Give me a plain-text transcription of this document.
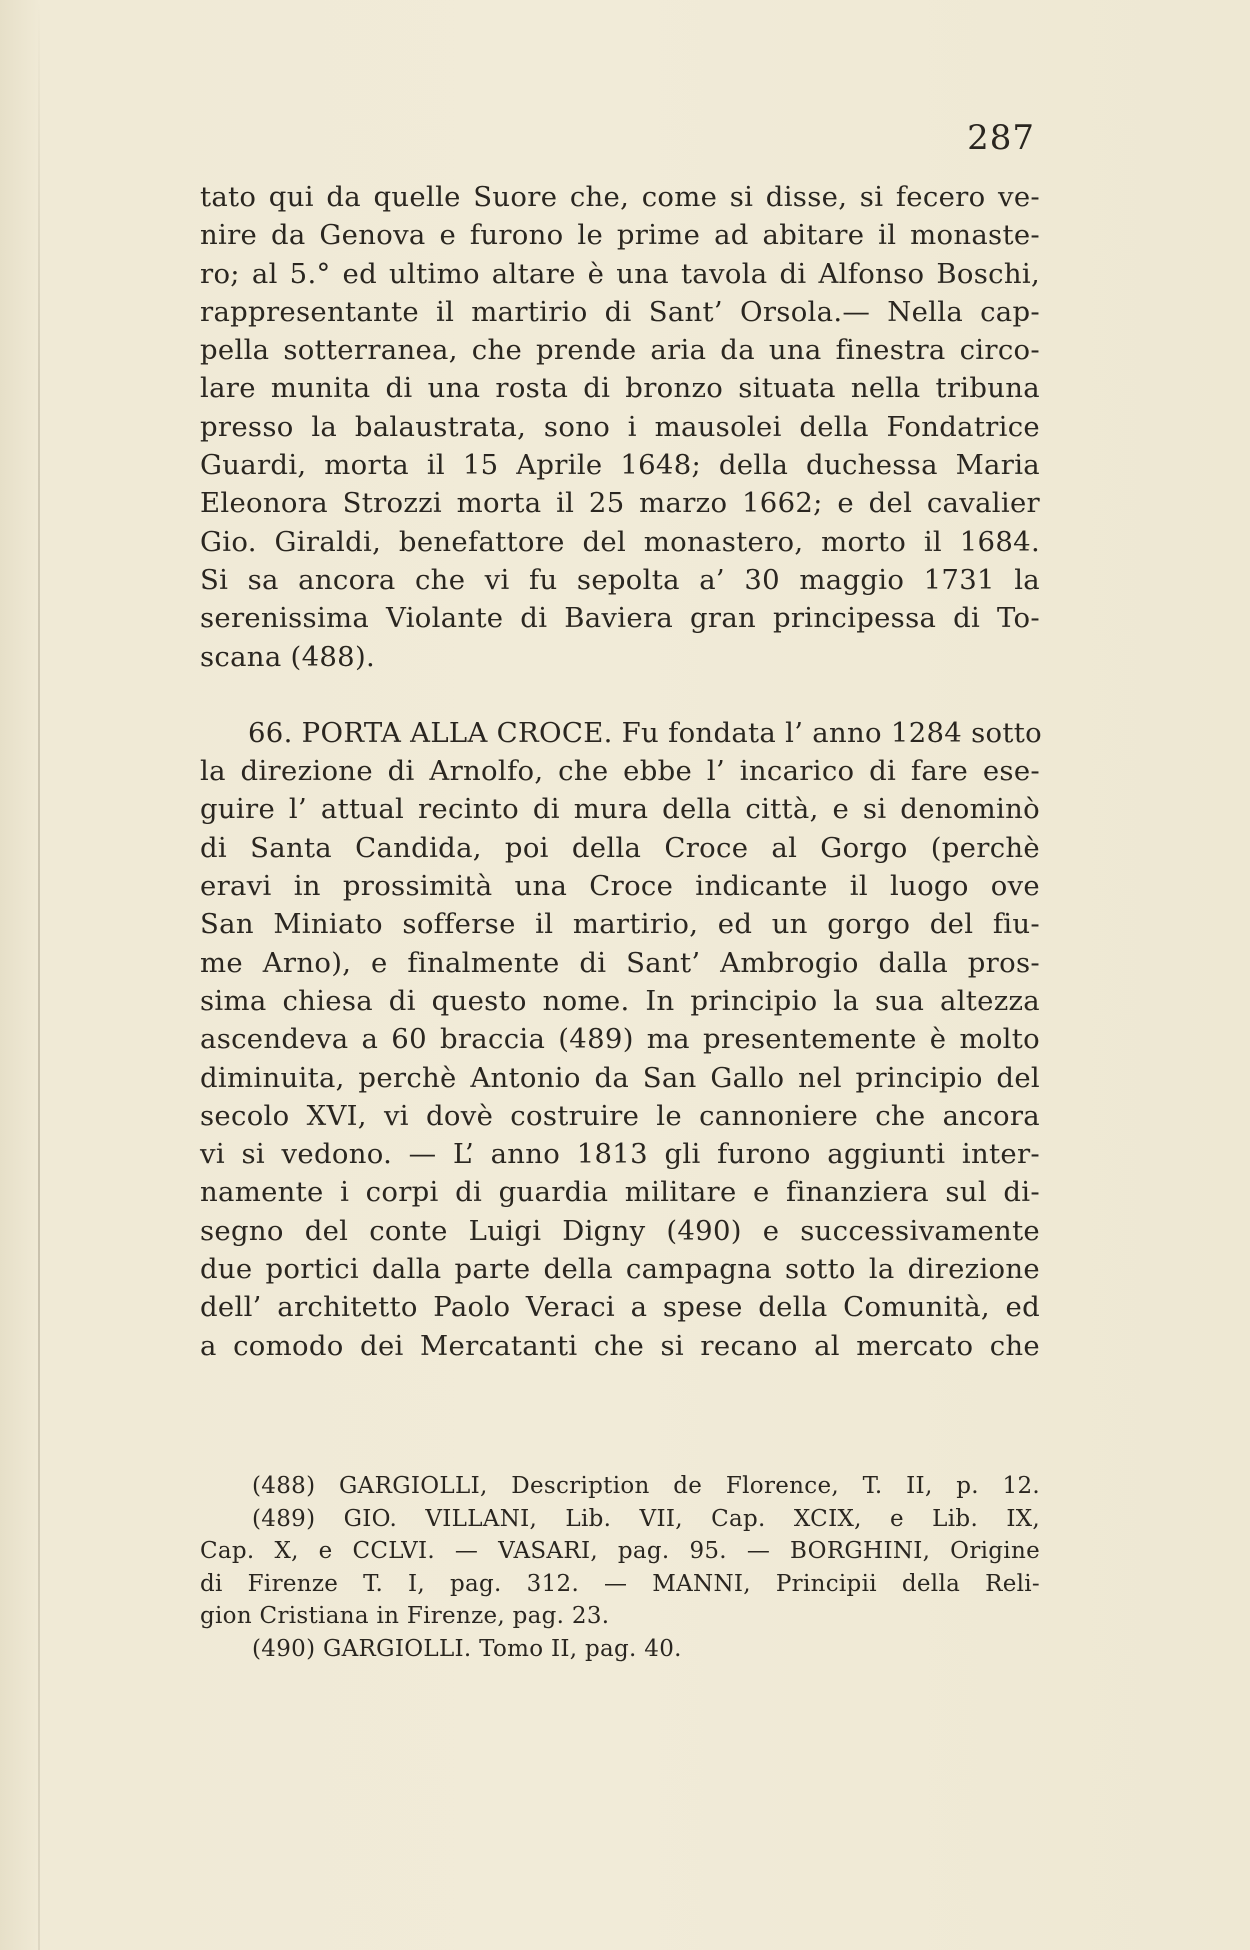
287
tato qui da quelle Suore che, come si disse, si fecero ve-
nire da Genova e furono le prime ad abitare il monaste-
ro; al 5.° ed ultimo altare è una tavola di Alfonso Boschi,
rappresentante il martirio di Sant’ Orsola.— Nella cap-
pella sotterranea, che prende aria da una finestra circo-
lare munita di una rosta di bronzo situata nella tribuna
presso la balaustrata, sono i mausolei della Fondatrice
Guardi, morta il 15 Aprile 1648; della duchessa Maria
Eleonora Strozzi morta il 25 marzo 1662; e del cavalier
Gio. Giraldi, benefattore del monastero, morto il 1684.
Si sa ancora che vi fu sepolta a’ 30 maggio 1731 la
serenissima Violante di Baviera gran principessa di To-
scana (488).
66. PORTA ALLA CROCE. Fu fondata l’ anno 1284 sotto
la direzione di Arnolfo, che ebbe l’ incarico di fare ese-
guire l’ attual recinto di mura della città, e si denominò
di Santa Candida, poi della Croce al Gorgo (perchè
eravi in prossimità una Croce indicante il luogo ove
San Miniato sofferse il martirio, ed un gorgo del fiu-
me Arno), e finalmente di Sant’ Ambrogio dalla pros-
sima chiesa di questo nome. In principio la sua altezza
ascendeva a 60 braccia (489) ma presentemente è molto
diminuita, perchè Antonio da San Gallo nel principio del
secolo XVI, vi dovè costruire le cannoniere che ancora
vi si vedono. — L’ anno 1813 gli furono aggiunti inter-
namente i corpi di guardia militare e finanziera sul di-
segno del conte Luigi Digny (490) e successivamente
due portici dalla parte della campagna sotto la direzione
dell’ architetto Paolo Veraci a spese della Comunità, ed
a comodo dei Mercatanti che si recano al mercato che
(488) GARGIOLLI, Description de Florence, T. II, p. 12.
(489) GIO. VILLANI, Lib. VII, Cap. XCIX, e Lib. IX,
Cap. X, e CCLVI. — VASARI, pag. 95. — BORGHINI, Origine
di Firenze T. I, pag. 312. — MANNI, Principii della Reli-
gion Cristiana in Firenze, pag. 23.
(490) GARGIOLLI. Tomo II, pag. 40.
